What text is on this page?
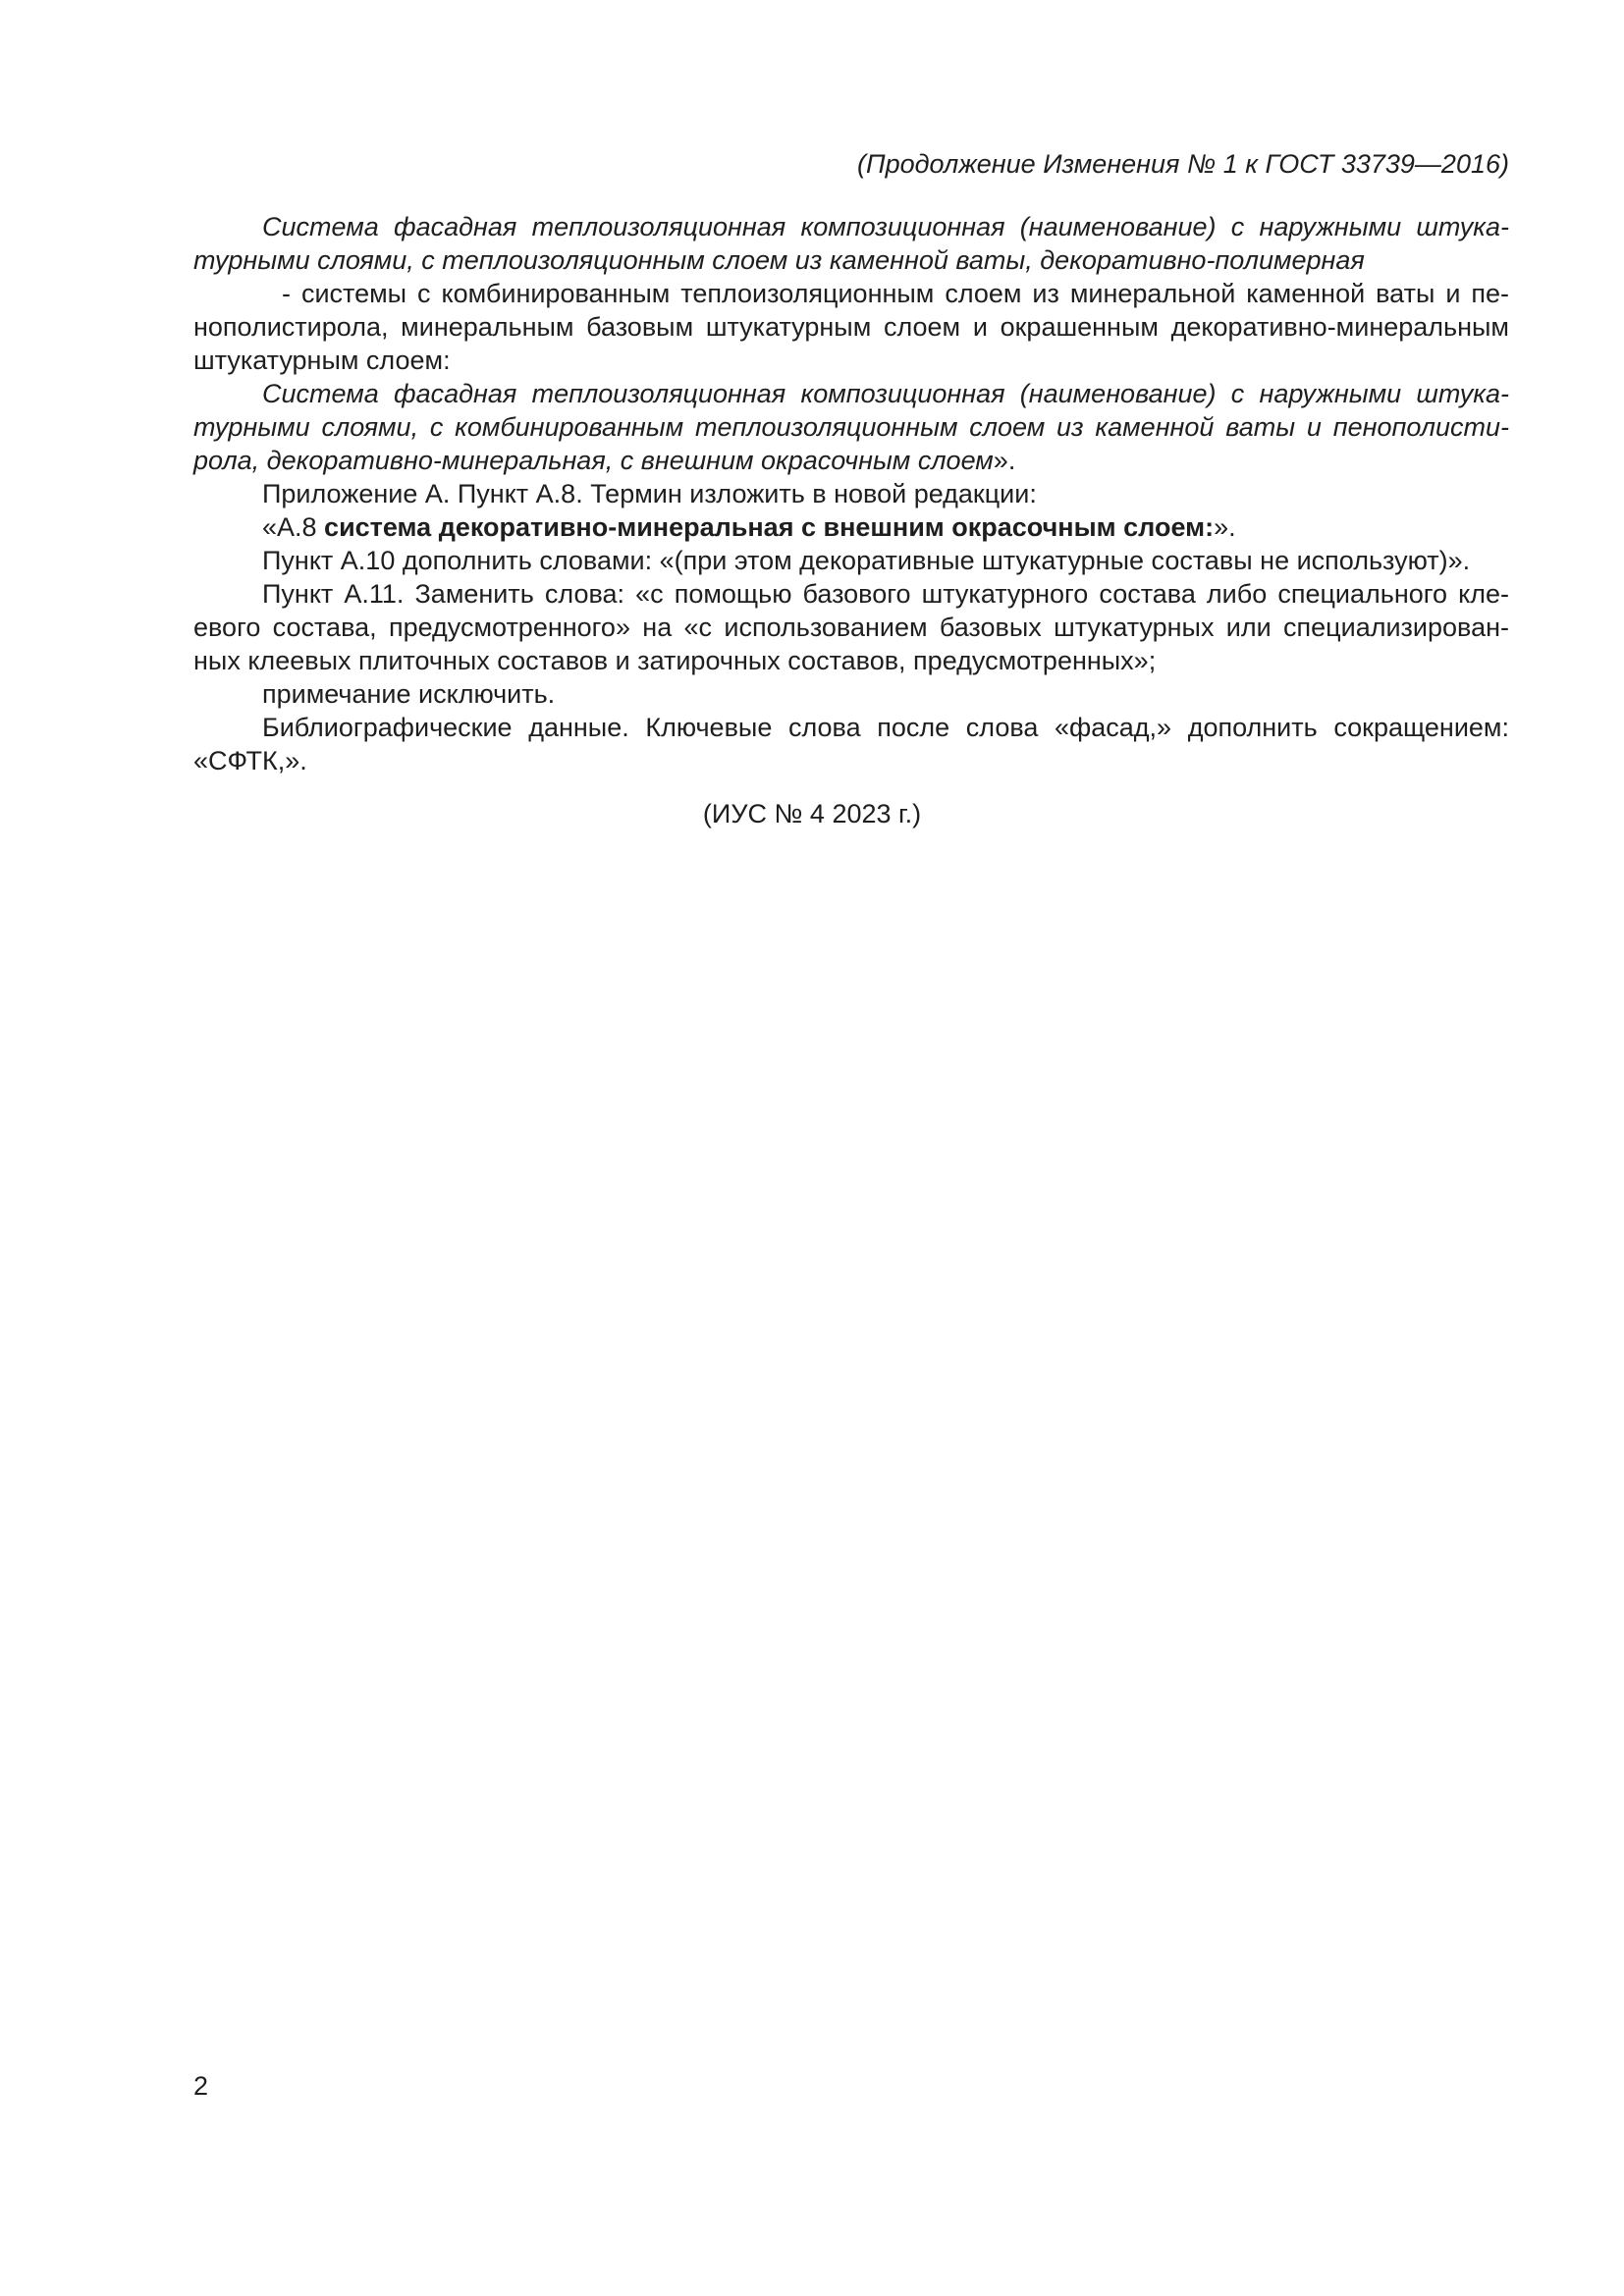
(Продолжение Изменения № 1 к ГОСТ 33739—2016)
Система фасадная теплоизоляционная композиционная (наименование) с наружными штука-
турными слоями, с теплоизоляционным слоем из каменной ваты, декоративно-полимерная
- системы с комбинированным теплоизоляционным слоем из минеральной каменной ваты и пе-
нополистирола, минеральным базовым штукатурным слоем и окрашенным декоративно-минеральным
штукатурным слоем:
Система фасадная теплоизоляционная композиционная (наименование) с наружными штука-
турными слоями, с комбинированным теплоизоляционным слоем из каменной ваты и пенополисти-
рола, декоративно-минеральная, с внешним окрасочным слоем».
Приложение А. Пункт А.8. Термин изложить в новой редакции:
«А.8 система декоративно-минеральная с внешним окрасочным слоем:».
Пункт А.10 дополнить словами: «(при этом декоративные штукатурные составы не используют)».
Пункт А.11. Заменить слова: «с помощью базового штукатурного состава либо специального кле-
евого состава, предусмотренного» на «с использованием базовых штукатурных или специализирован-
ных клеевых плиточных составов и затирочных составов, предусмотренных»;
примечание исключить.
Библиографические данные. Ключевые слова после слова «фасад,» дополнить сокращением:
«СФТК,».
(ИУС № 4 2023 г.)
2
